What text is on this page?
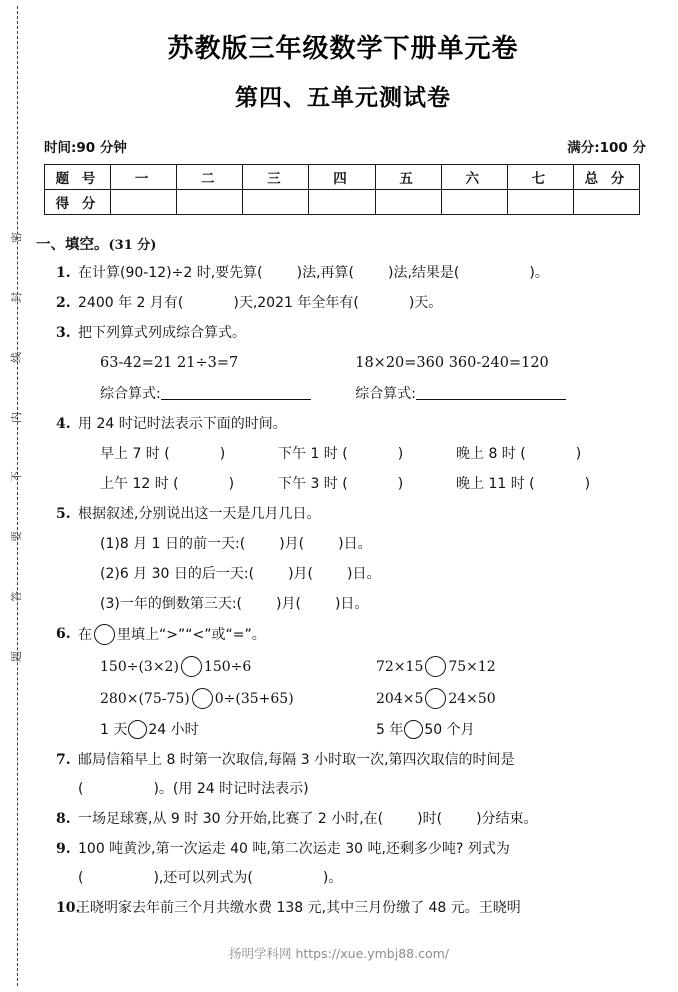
密
封
线
内
不
要
答
题
苏教版三年级数学下册单元卷
第四、五单元测试卷
时间:90 分钟	满分:100 分
题 号	一	二	三	四	五	六	七	总 分
得 分								
一、填空。(31 分)
1. 在计算(90-12)÷2 时,要先算( )法,再算( )法,结果是(	)。
2. 2400 年 2 月有(	)天,2021 年全年有(	)天。
3. 把下列算式列成综合算式。
63-42=21 21÷3=7	18×20=360 360-240=120
综合算式:	综合算式:
4. 用 24 时记时法表示下面的时间。
早上 7 时 (	)	下午 1 时 (	)	晚上 8 时 (	)
上午 12 时 (	)	下午 3 时 (	)	晚上 11 时 (	)
5. 根据叙述,分别说出这一天是几月几日。
(1)8 月 1 日的前一天:( )月( )日。
(2)6 月 30 日的后一天:( )月( )日。
(3)一年的倒数第三天:( )月( )日。
6. 在 里填上“>”“<”或“=”。
150÷(3×2) 150÷6	72×15 75×12
280×(75-75) 0÷(35+65)	204×5 24×50
1 天 24 小时	5 年 50 个月
7. 邮局信箱早上 8 时第一次取信,每隔 3 小时取一次,第四次取信的时间是
(	)。(用 24 时记时法表示)
8. 一场足球赛,从 9 时 30 分开始,比赛了 2 小时,在( )时( )分结束。
9. 100 吨黄沙,第一次运走 40 吨,第二次运走 30 吨,还剩多少吨? 列式为
(	),还可以列式为(	)。
10.
王晓明家去年前三个月共缴水费 138 元,其中三月份缴了 48 元。王晓明
扬明学科网 https://xue.ymbj88.com/
